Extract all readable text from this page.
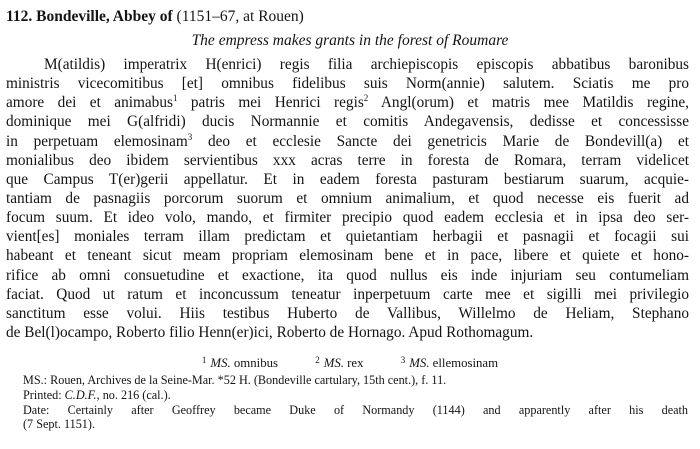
112. Bondeville, Abbey of (1151–67, at Rouen)
The empress makes grants in the forest of Roumare
M(atildis) imperatrix H(enrici) regis filia archiepiscopis episcopis abbatibus baronibus
ministris vicecomitibus [et] omnibus fidelibus suis Norm(annie) salutem. Sciatis me pro
amore dei et animabus$^1$ patris mei Henrici regis$^2$ Angl(orum) et matris mee Matildis regine,
dominique mei G(alfridi) ducis Normannie et comitis Andegavensis, dedisse et concessisse
in perpetuam elemosinam$^3$ deo et ecclesie Sancte dei genetricis Marie de Bondevill(a) et
monialibus deo ibidem servientibus xxx acras terre in foresta de Romara, terram videlicet
que Campus T(er)gerii appellatur. Et in eadem foresta pasturam bestiarum suarum, acquie-
tantiam de pasnagiis porcorum suorum et omnium animalium, et quod necesse eis fuerit ad
focum suum. Et ideo volo, mando, et firmiter precipio quod eadem ecclesia et in ipsa deo ser-
vient[es] moniales terram illam predictam et quietantiam herbagii et pasnagii et focagii sui
habeant et teneant sicut meam propriam elemosinam bene et in pace, libere et quiete et hono-
rifice ab omni consuetudine et exactione, ita quod nullus eis inde injuriam seu contumeliam
faciat. Quod ut ratum et inconcussum teneatur inperpetuum carte mee et sigilli mei privilegio
sanctitum esse volui. Hiis testibus Huberto de Vallibus, Willelmo de Heliam, Stephano
de Bel(l)ocampo, Roberto filio Henn(er)ici, Roberto de Hornago. Apud Rothomagum.
$^1$ MS. omnibus	$^2$ MS. rex	$^3$ MS. ellemosinam
MS.: Rouen, Archives de la Seine-Mar. *52 H. (Bondeville cartulary, 15th cent.), f. 11.
Printed: C.D.F., no. 216 (cal.).
Date: Certainly after Geoffrey became Duke of Normandy (1144) and apparently after his death
(7 Sept. 1151).
